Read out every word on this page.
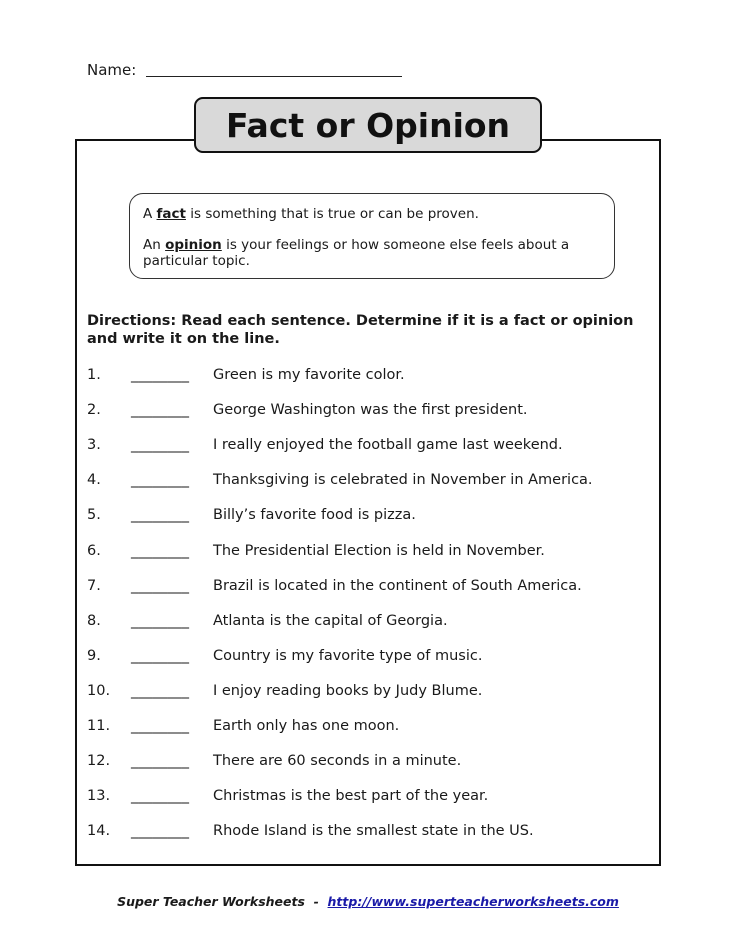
Name:
Fact or Opinion

A fact is something that is true or can be proven.

An opinion is your feelings or how someone else feels about a particular topic.

Directions: Read each sentence. Determine if it is a fact or opinion and write it on the line.
1. ________ Green is my favorite color.
2. ________ George Washington was the first president.
3. ________ I really enjoyed the football game last weekend.
4. ________ Thanksgiving is celebrated in November in America.
5. ________ Billy’s favorite food is pizza.
6. ________ The Presidential Election is held in November.
7. ________ Brazil is located in the continent of South America.
8. ________ Atlanta is the capital of Georgia.
9. ________ Country is my favorite type of music.
10. ________ I enjoy reading books by Judy Blume.
11. ________ Earth only has one moon.
12. ________ There are 60 seconds in a minute.
13. ________ Christmas is the best part of the year.
14. ________ Rhode Island is the smallest state in the US.
Super Teacher Worksheets  -  http://www.superteacherworksheets.com
